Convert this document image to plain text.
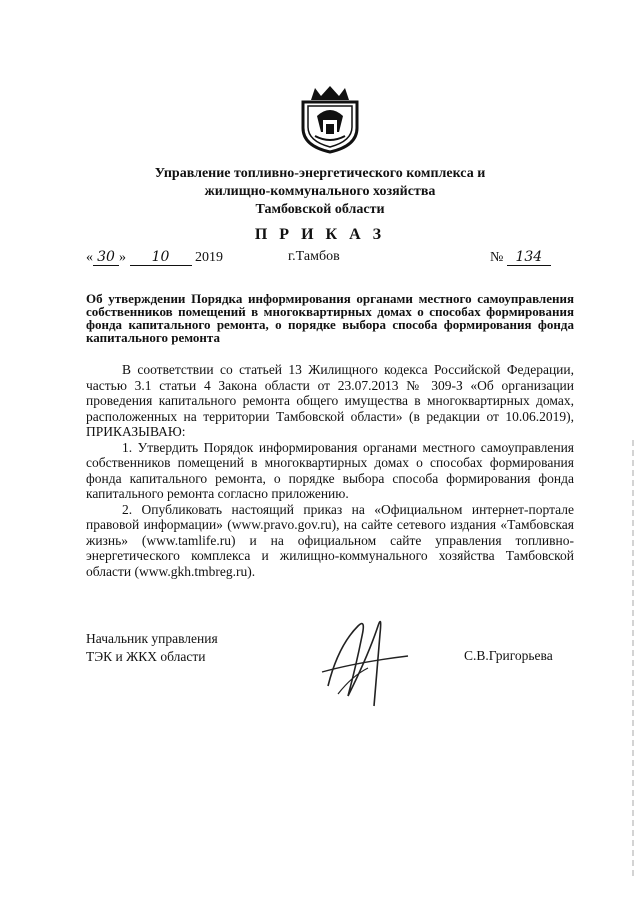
Управление топливно-энергетического комплекса и
жилищно-коммунального хозяйства
Тамбовской области
П Р И К А З
« 30 » 10 2019	г.Тамбов	№ 134
Об утверждении Порядка информирования органами местного самоуправления собственников помещений в многоквартирных домах о способах формирования фонда капитального ремонта, о порядке выбора способа формирования фонда капитального ремонта

В соответствии со статьей 13 Жилищного кодекса Российской Федерации, частью 3.1 статьи 4 Закона области от 23.07.2013 № 309-З «Об организации проведения капитального ремонта общего имущества в многоквартирных домах, расположенных на территории Тамбовской области» (в редакции от 10.06.2019), ПРИКАЗЫВАЮ:

1. Утвердить Порядок информирования органами местного самоуправления собственников помещений в многоквартирных домах о способах формирования фонда капитального ремонта, о порядке выбора способа формирования фонда капитального ремонта согласно приложению.

2. Опубликовать настоящий приказ на «Официальном интернет-портале правовой информации» (www.pravo.gov.ru), на сайте сетевого издания «Тамбовская жизнь» (www.tamlife.ru) и на официальном сайте управления топливно-энергетического комплекса и жилищно-коммунального хозяйства Тамбовской области (www.gkh.tmbreg.ru).

Начальник управления
ТЭК и ЖКХ области	С.В.Григорьева
